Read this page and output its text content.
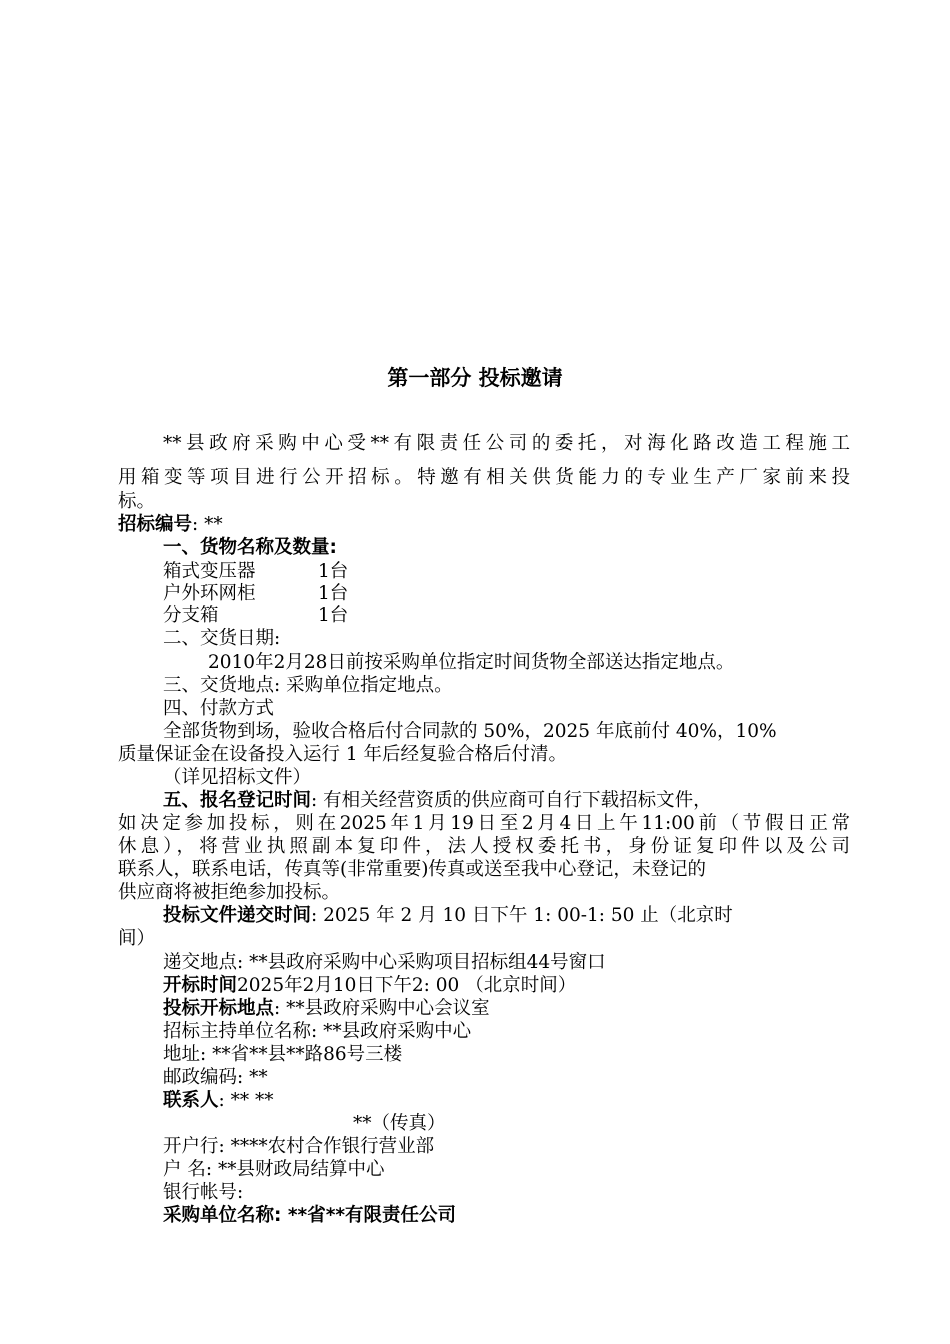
第一部分 投标邀请
**县政府采购中心受**有限责任公司的委托，对海化路改造工程施工
用箱变等项目进行公开招标。特邀有相关供货能力的专业生产厂家前来投
标。
招标编号: **
一、货物名称及数量:
箱式变压器	1台
户外环网柜	1台
分支箱	1台
二、交货日期:
2010年2月28日前按采购单位指定时间货物全部送达指定地点。
三、交货地点: 采购单位指定地点。
四、付款方式
全部货物到场，验收合格后付合同款的 50%，2025 年底前付 40%，10%
质量保证金在设备投入运行 1 年后经复验合格后付清。
（详见招标文件）
五、报名登记时间: 有相关经营资质的供应商可自行下载招标文件，
如决定参加投标，则在2025年1月19日至2月4日上午11:00前（节假日正常
休息），将营业执照副本复印件，法人授权委托书，身份证复印件以及公司
联系人，联系电话，传真等(非常重要)传真或送至我中心登记，未登记的
供应商将被拒绝参加投标。
投标文件递交时间: 2025 年 2 月 10 日下午 1: 00-1: 50 止（北京时
间）
递交地点: **县政府采购中心采购项目招标组44号窗口
开标时间2025年2月10日下午2: 00 （北京时间）
投标开标地点: **县政府采购中心会议室
招标主持单位名称: **县政府采购中心
地址: **省**县**路86号三楼
邮政编码: **
联系人: ** **
**（传真）
开户行: ****农村合作银行营业部
户 名: **县财政局结算中心
银行帐号:
采购单位名称: **省**有限责任公司
